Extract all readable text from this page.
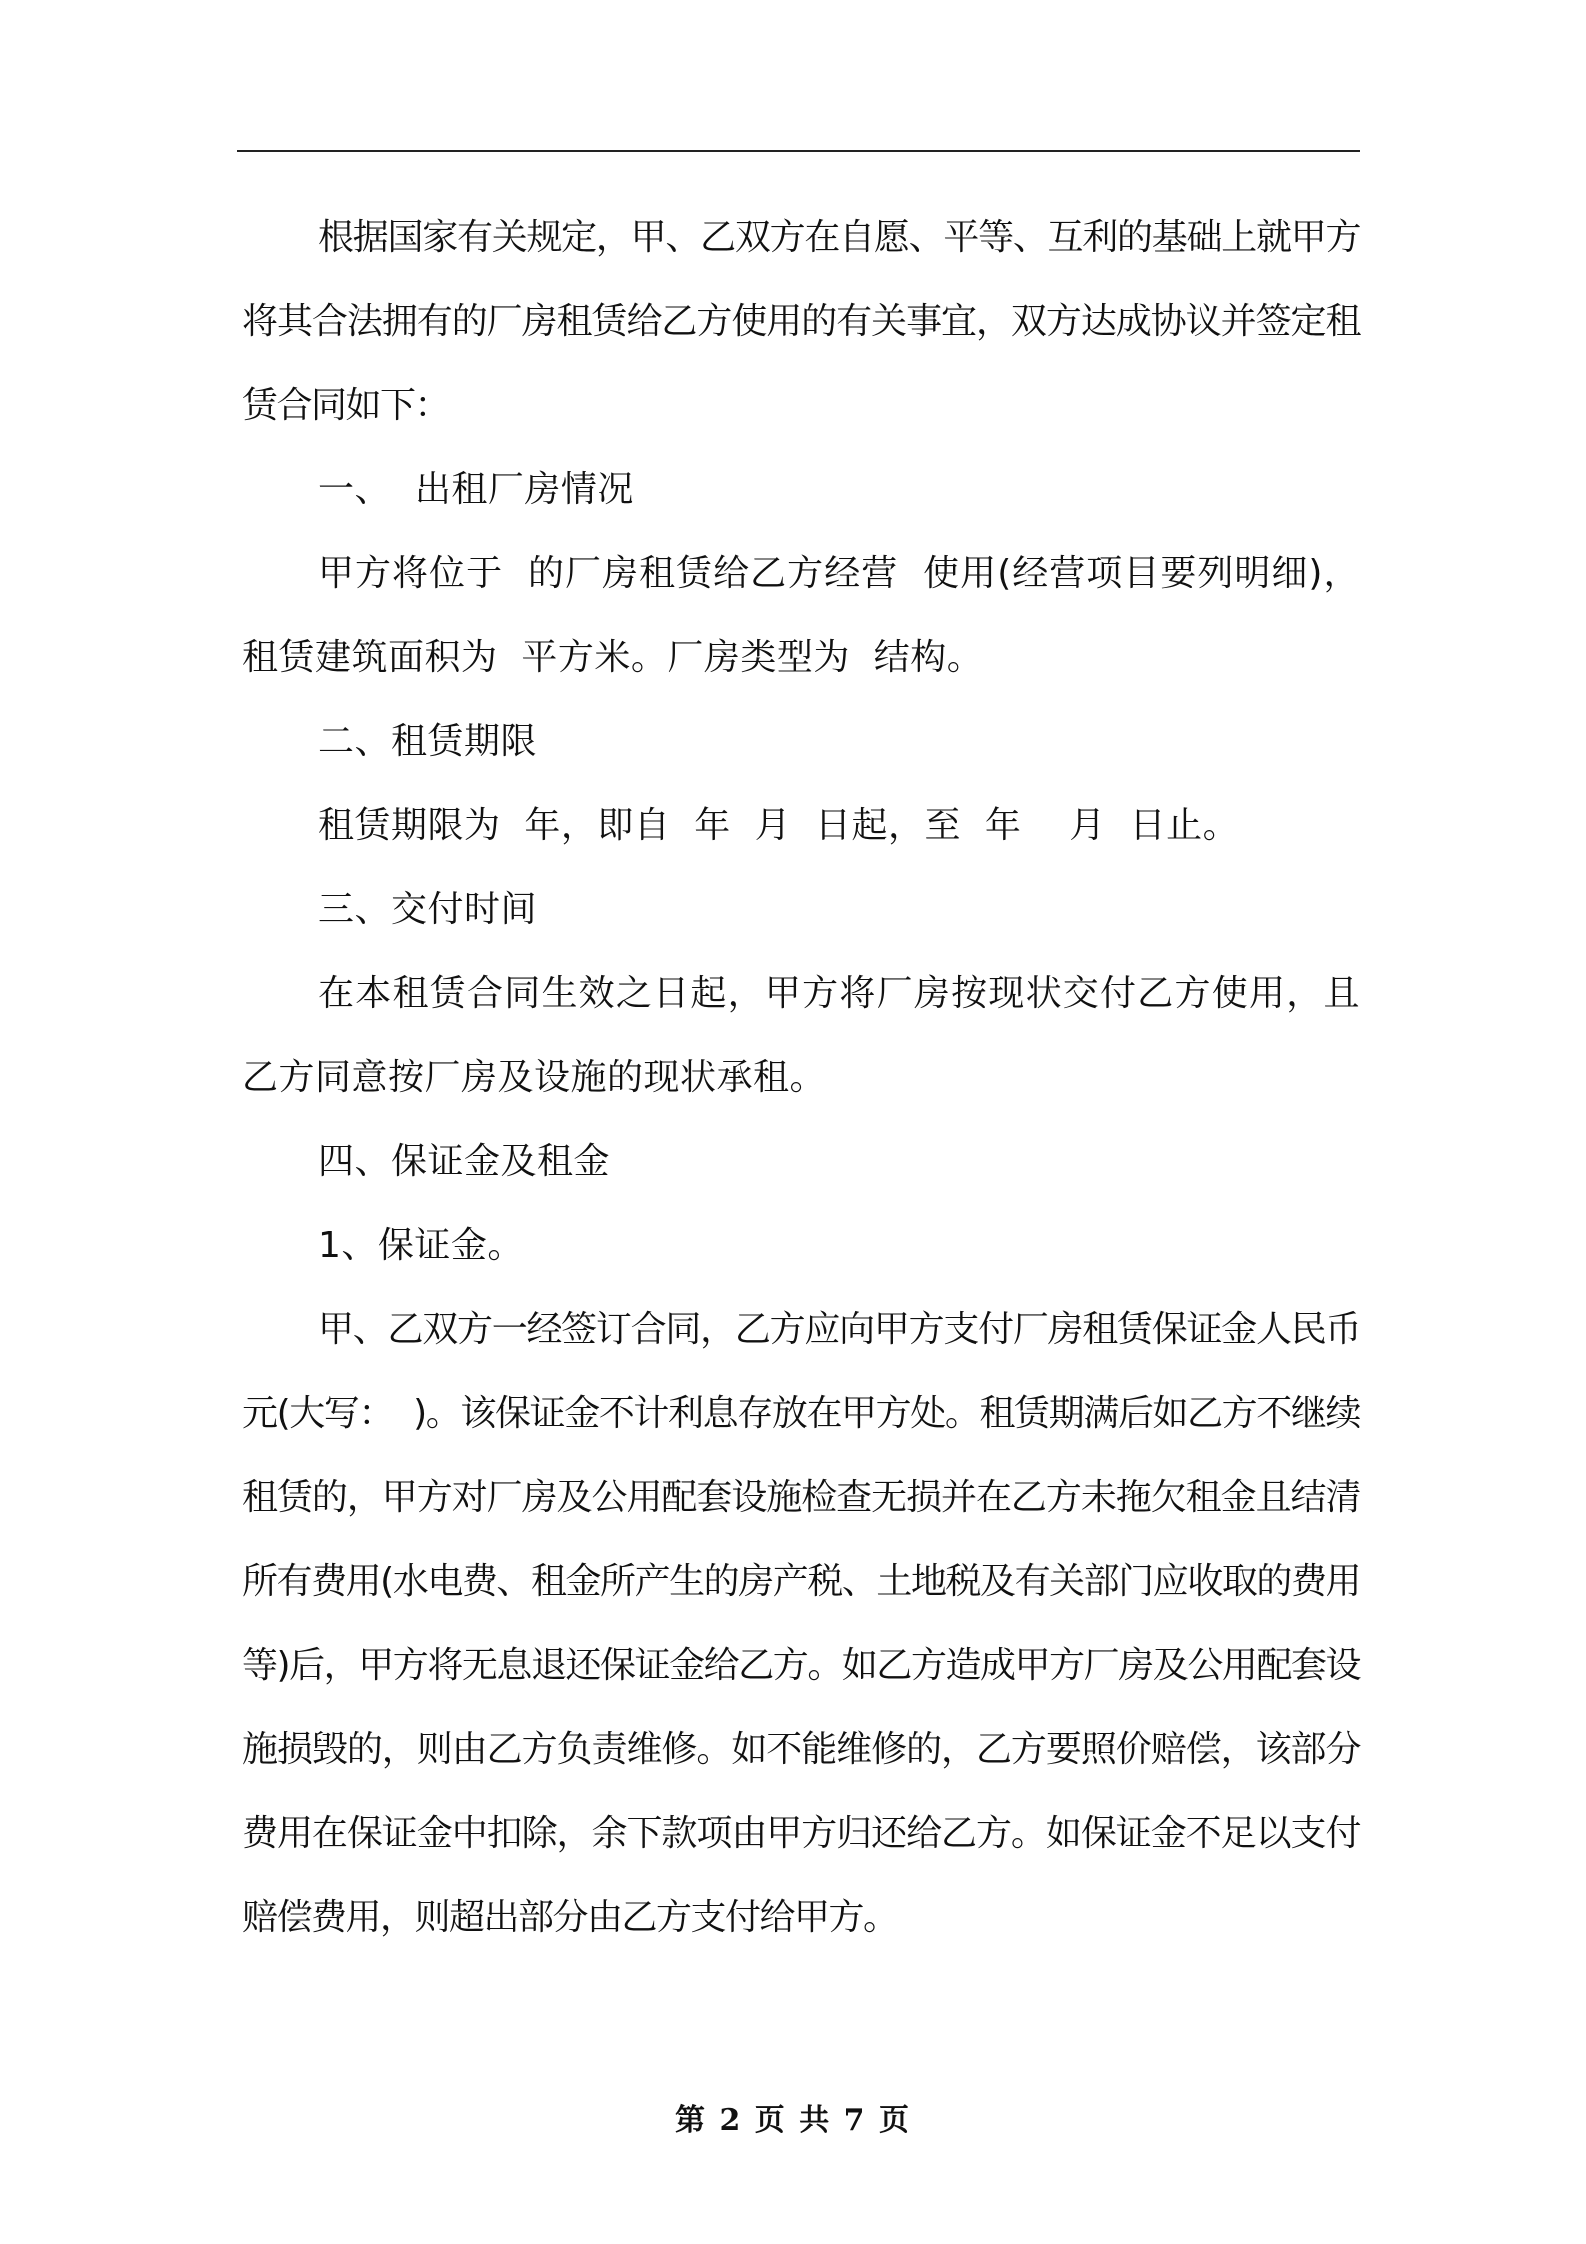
根据国家有关规定，甲、乙双方在自愿、平等、互利的基础上就甲方将其合法拥有的厂房租赁给乙方使用的有关事宜，双方达成协议并签定租赁合同如下：

一、  出租厂房情况

甲方将位于  的厂房租赁给乙方经营  使用(经营项目要列明细)，租赁建筑面积为  平方米。厂房类型为  结构。

二、租赁期限

租赁期限为  年，即自  年  月  日起，至  年    月  日止。

三、交付时间

在本租赁合同生效之日起，甲方将厂房按现状交付乙方使用，且乙方同意按厂房及设施的现状承租。

四、保证金及租金

1、保证金。

甲、乙双方一经签订合同，乙方应向甲方支付厂房租赁保证金人民币  元(大写：  )。该保证金不计利息存放在甲方处。租赁期满后如乙方不继续租赁的，甲方对厂房及公用配套设施检查无损并在乙方未拖欠租金且结清所有费用(水电费、租金所产生的房产税、土地税及有关部门应收取的费用等)后，甲方将无息退还保证金给乙方。如乙方造成甲方厂房及公用配套设施损毁的，则由乙方负责维修。如不能维修的，乙方要照价赔偿，该部分费用在保证金中扣除，余下款项由甲方归还给乙方。如保证金不足以支付赔偿费用，则超出部分由乙方支付给甲方。

第 2 页 共 7 页
